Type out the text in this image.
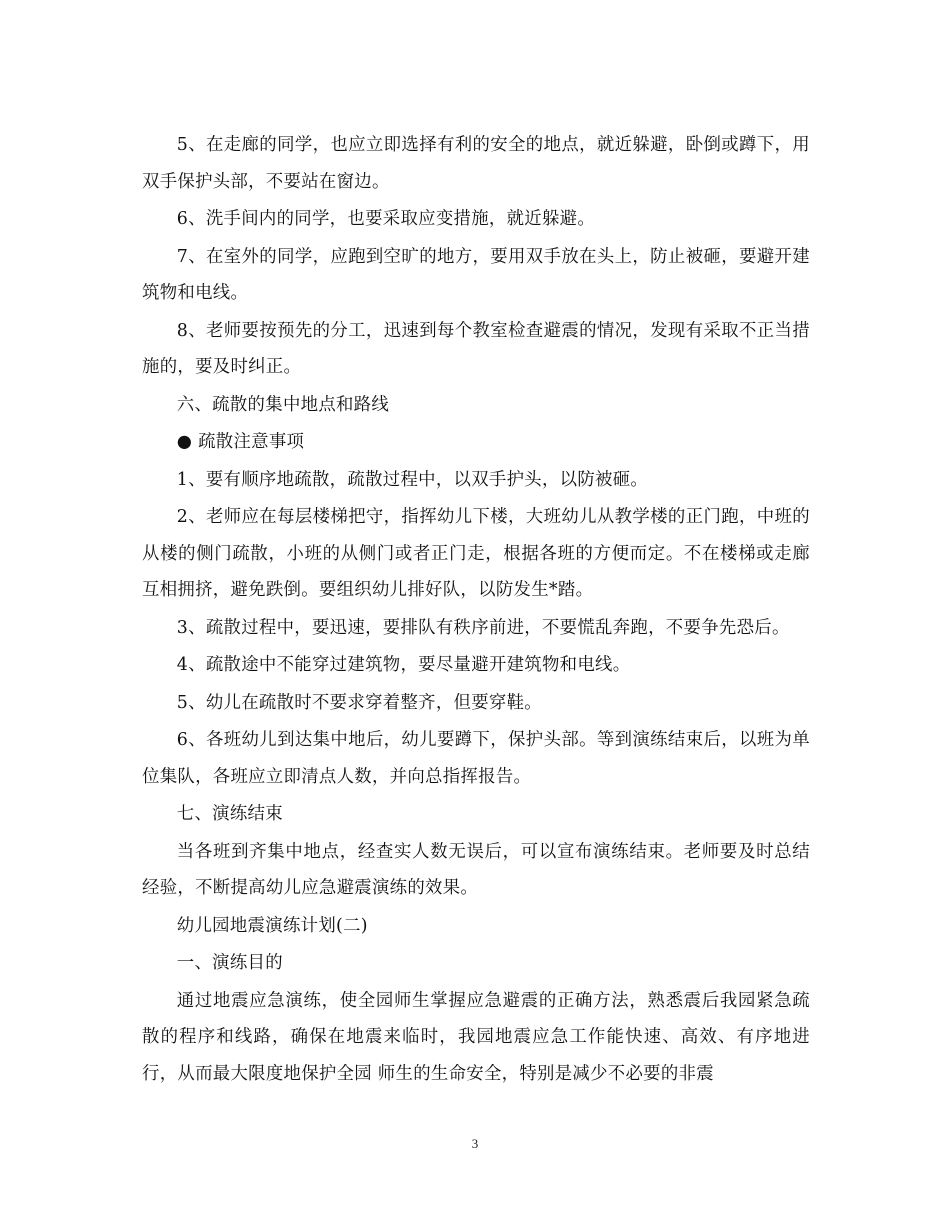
5、在走廊的同学，也应立即选择有利的安全的地点，就近躲避，卧倒或蹲下，用双手保护头部，不要站在窗边。

6、洗手间内的同学，也要采取应变措施，就近躲避。

7、在室外的同学，应跑到空旷的地方，要用双手放在头上，防止被砸，要避开建筑物和电线。

8、老师要按预先的分工，迅速到每个教室检查避震的情况，发现有采取不正当措施的，要及时纠正。

六、疏散的集中地点和路线

● 疏散注意事项

1、要有顺序地疏散，疏散过程中，以双手护头，以防被砸。

2、老师应在每层楼梯把守，指挥幼儿下楼，大班幼儿从教学楼的正门跑，中班的从楼的侧门疏散，小班的从侧门或者正门走，根据各班的方便而定。不在楼梯或走廊互相拥挤，避免跌倒。要组织幼儿排好队，以防发生*踏。

3、疏散过程中，要迅速，要排队有秩序前进，不要慌乱奔跑，不要争先恐后。

4、疏散途中不能穿过建筑物，要尽量避开建筑物和电线。

5、幼儿在疏散时不要求穿着整齐，但要穿鞋。

6、各班幼儿到达集中地后，幼儿要蹲下，保护头部。等到演练结束后，以班为单位集队，各班应立即清点人数，并向总指挥报告。

七、演练结束

当各班到齐集中地点，经查实人数无误后，可以宣布演练结束。老师要及时总结经验，不断提高幼儿应急避震演练的效果。

幼儿园地震演练计划(二)

一、演练目的

通过地震应急演练，使全园师生掌握应急避震的正确方法，熟悉震后我园紧急疏散的程序和线路，确保在地震来临时，我园地震应急工作能快速、高效、有序地进行，从而最大限度地保护全园 师生的生命安全，特别是减少不必要的非震

3
